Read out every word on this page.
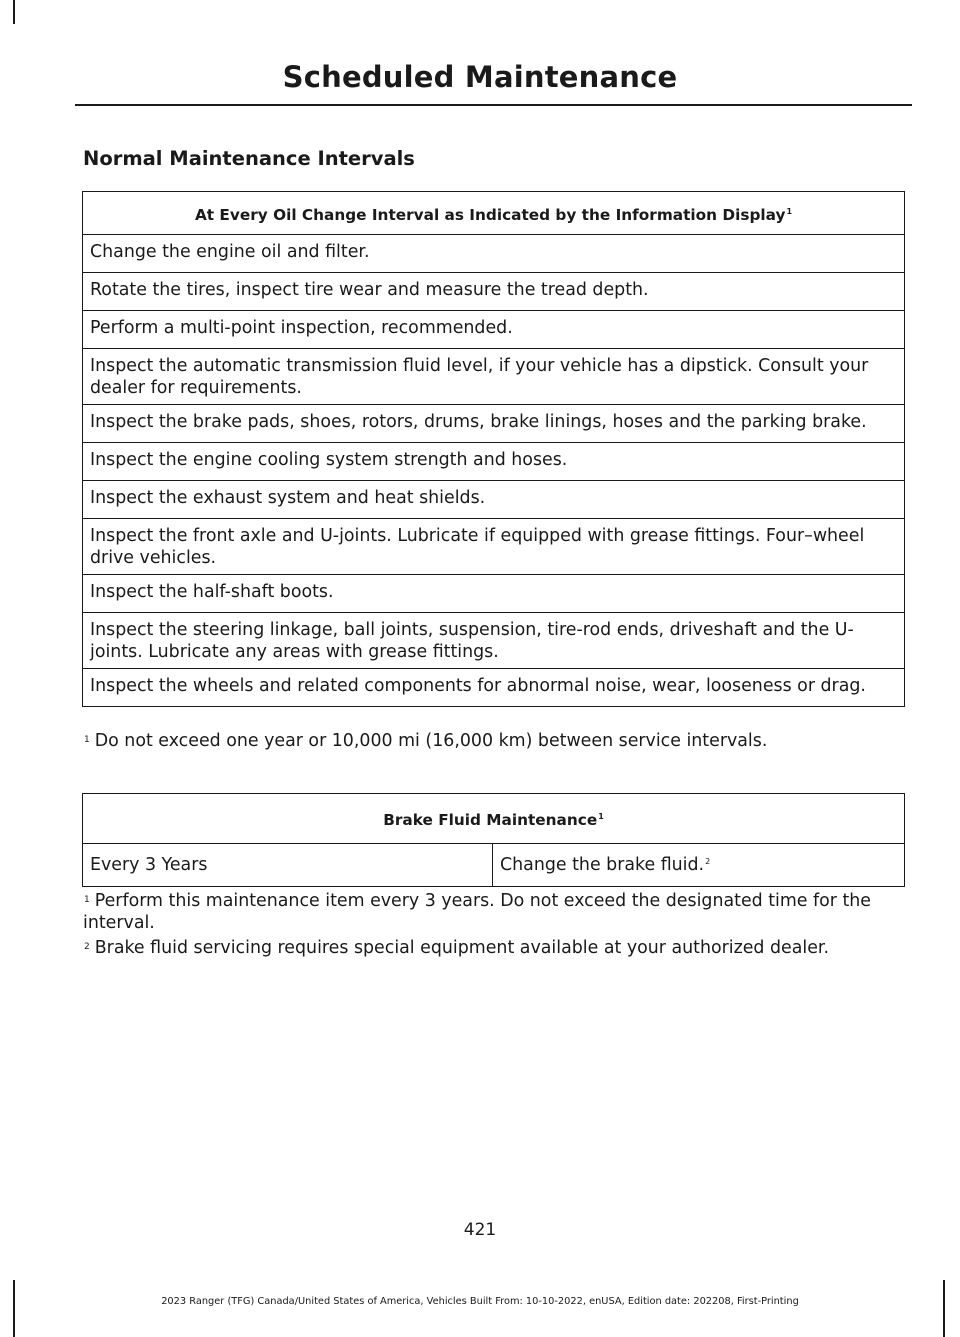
Scheduled Maintenance
Normal Maintenance Intervals
At Every Oil Change Interval as Indicated by the Information Display$^1$
Change the engine oil and filter.
Rotate the tires, inspect tire wear and measure the tread depth.
Perform a multi-point inspection, recommended.
Inspect the automatic transmission fluid level, if your vehicle has a dipstick. Consult your dealer for requirements.
Inspect the brake pads, shoes, rotors, drums, brake linings, hoses and the parking brake.
Inspect the engine cooling system strength and hoses.
Inspect the exhaust system and heat shields.
Inspect the front axle and U-joints. Lubricate if equipped with grease fittings. Four–wheel drive vehicles.
Inspect the half-shaft boots.
Inspect the steering linkage, ball joints, suspension, tire-rod ends, driveshaft and the U-joints. Lubricate any areas with grease fittings.
Inspect the wheels and related components for abnormal noise, wear, looseness or drag.
$^1$ Do not exceed one year or 10,000 mi (16,000 km) between service intervals.
Brake Fluid Maintenance$^1$
Every 3 Years	Change the brake fluid.$^2$
$^1$ Perform this maintenance item every 3 years. Do not exceed the designated time for the interval.
$^2$ Brake fluid servicing requires special equipment available at your authorized dealer.
421
2023 Ranger (TFG) Canada/United States of America, Vehicles Built From: 10-10-2022, enUSA, Edition date: 202208, First-Printing
